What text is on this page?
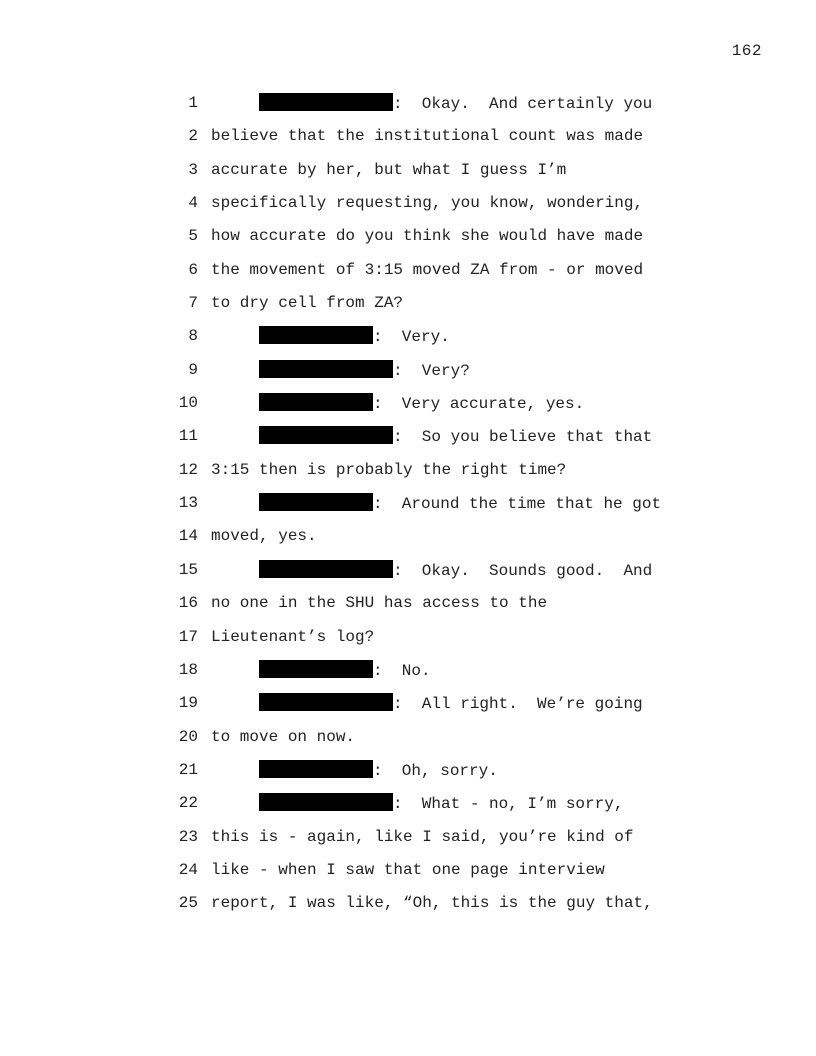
162
1	:  Okay.  And certainly you
2 believe that the institutional count was made
3 accurate by her, but what I guess I’m
4 specifically requesting, you know, wondering,
5 how accurate do you think she would have made
6 the movement of 3:15 moved ZA from - or moved
7 to dry cell from ZA?
8	:  Very.
9	:  Very?
10	:  Very accurate, yes.
11	:  So you believe that that
12 3:15 then is probably the right time?
13	:  Around the time that he got
14 moved, yes.
15	:  Okay.  Sounds good.  And
16 no one in the SHU has access to the
17 Lieutenant’s log?
18	:  No.
19	:  All right.  We’re going
20 to move on now.
21	:  Oh, sorry.
22	:  What - no, I’m sorry,
23 this is - again, like I said, you’re kind of
24 like - when I saw that one page interview
25 report, I was like, “Oh, this is the guy that,
